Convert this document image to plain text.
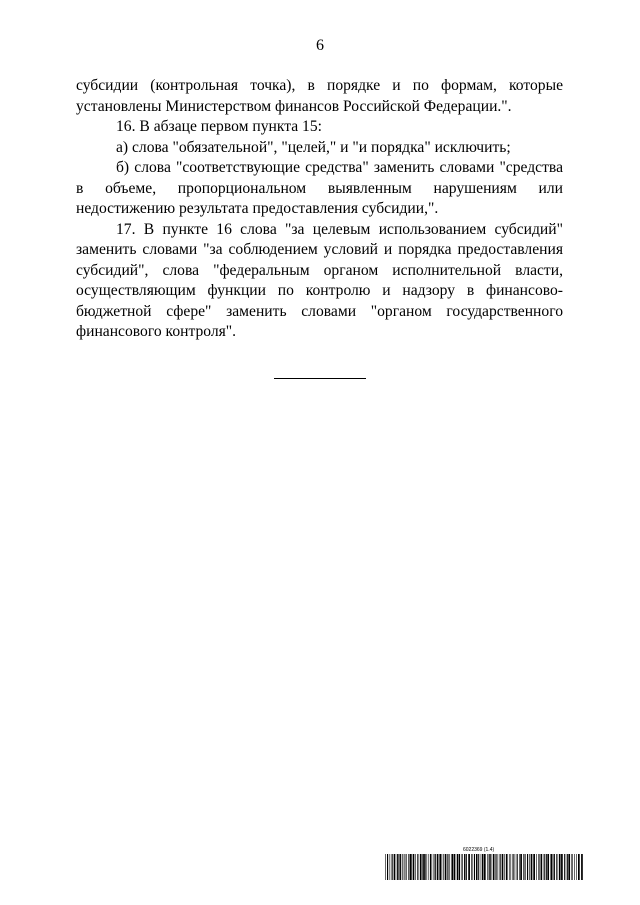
6

субсидии (контрольная точка), в порядке и по формам, которые установлены Министерством финансов Российской Федерации.".

16. В абзаце первом пункта 15:

а) слова "обязательной", "целей," и "и порядка" исключить;

б) слова "соответствующие средства" заменить словами "средства в объеме, пропорциональном выявленным нарушениям или недостижению результата предоставления субсидии,".

17. В пункте 16 слова "за целевым использованием субсидий" заменить словами "за соблюдением условий и порядка предоставления субсидий", слова "федеральным органом исполнительной власти, осуществляющим функции по контролю и надзору в финансово-бюджетной сфере" заменить словами "органом государственного финансового контроля".

6022369 (1.4)
